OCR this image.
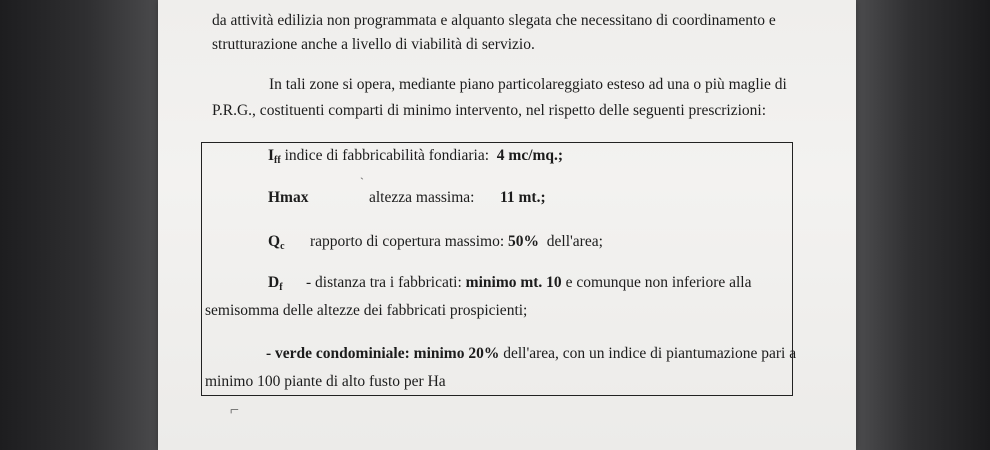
da attività edilizia non programmata e alquanto slegata che necessitano di coordinamento e
strutturazione anche a livello di viabilità di servizio.
In tali zone si opera, mediante piano particolareggiato esteso ad una o più maglie di
P.R.G., costituenti comparti di minimo intervento, nel rispetto delle seguenti prescrizioni:
$I_{ff}$ indice di fabbricabilità fondiaria: 4 mc/mq.;
Hmax	altezza massima: 11 mt.;
$Q_c$ rapporto di copertura massimo: 50% dell'area;
$D_f$ - distanza tra i fabbricati: minimo mt. 10 e comunque non inferiore alla
semisomma delle altezze dei fabbricati prospicienti;
- verde condominiale: minimo 20% dell'area, con un indice di piantumazione pari a
minimo 100 piante di alto fusto per Ha
ˏ
⌐
